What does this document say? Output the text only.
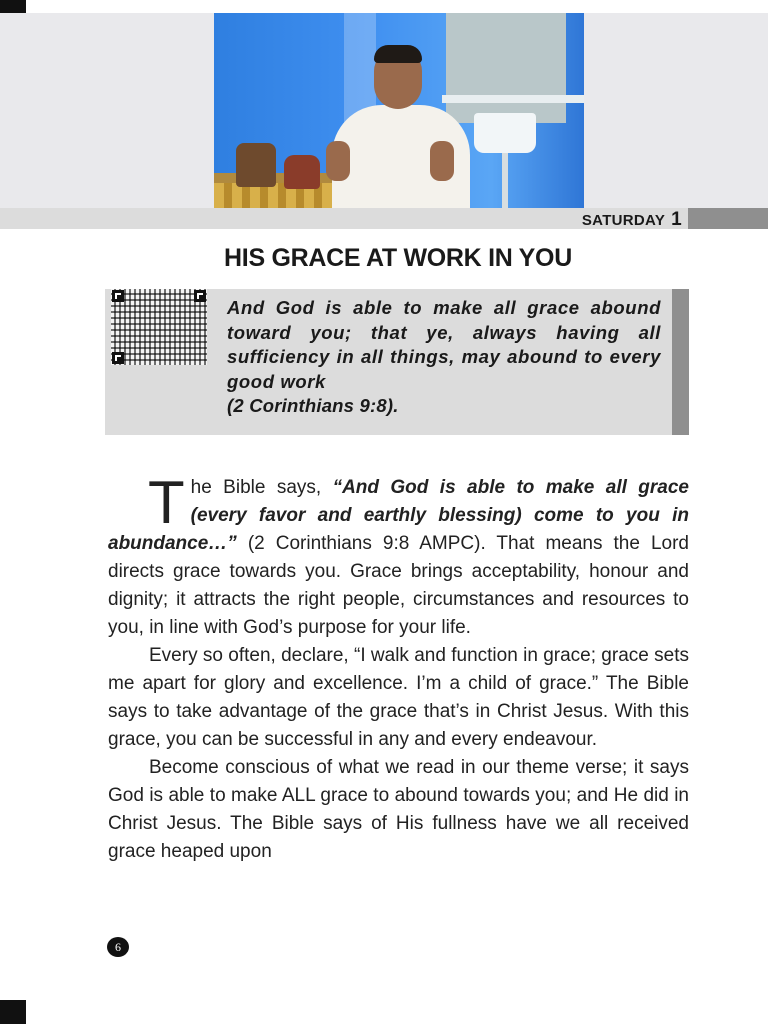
SATURDAY 1
HIS GRACE AT WORK IN YOU
And God is able to make all grace abound toward you; that ye, always having all sufficiency in all things, may abound to every good work
(2 Corinthians 9:8).

The Bible says, “And God is able to make all grace (every favor and earthly blessing) come to you in abundance…” (2 Corinthians 9:8 AMPC). That means the Lord directs grace towards you. Grace brings acceptability, honour and dignity; it attracts the right people, circumstances and resources to you, in line with God’s purpose for your life.

Every so often, declare, “I walk and function in grace; grace sets me apart for glory and excellence. I’m a child of grace.” The Bible says to take advantage of the grace that’s in Christ Jesus. With this grace, you can be successful in any and every endeavour.

Become conscious of what we read in our theme verse; it says God is able to make ALL grace to abound towards you; and He did in Christ Jesus. The Bible says of His fullness have we all received grace heaped upon

6
